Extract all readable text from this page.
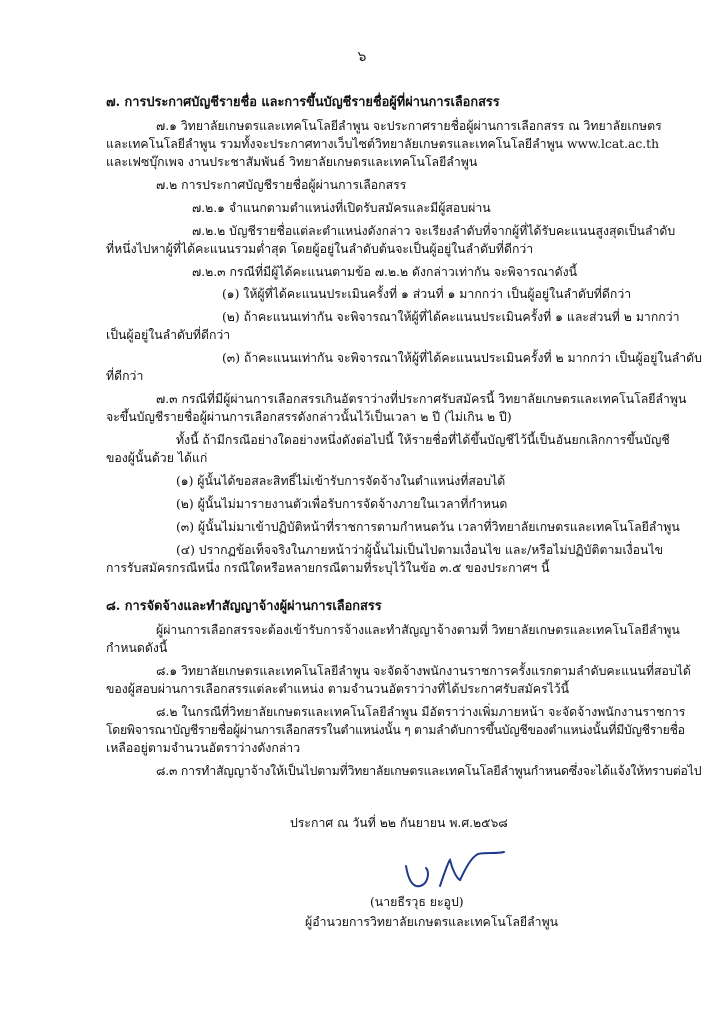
๖
๗. การประกาศบัญชีรายชื่อ และการขึ้นบัญชีรายชื่อผู้ที่ผ่านการเลือกสรร
๗.๑ วิทยาลัยเกษตรและเทคโนโลยีลำพูน จะประกาศรายชื่อผู้ผ่านการเลือกสรร ณ วิทยาลัยเกษตร
และเทคโนโลยีลำพูน รวมทั้งจะประกาศทางเว็บไซต์วิทยาลัยเกษตรและเทคโนโลยีลำพูน www.lcat.ac.th
และเฟซบุ๊กเพจ งานประชาสัมพันธ์ วิทยาลัยเกษตรและเทคโนโลยีลำพูน
๗.๒ การประกาศบัญชีรายชื่อผู้ผ่านการเลือกสรร
๗.๒.๑ จำแนกตามตำแหน่งที่เปิดรับสมัครและมีผู้สอบผ่าน
๗.๒.๒ บัญชีรายชื่อแต่ละตำแหน่งดังกล่าว จะเรียงลำดับที่จากผู้ที่ได้รับคะแนนสูงสุดเป็นลำดับ
ที่หนึ่งไปหาผู้ที่ได้คะแนนรวมต่ำสุด โดยผู้อยู่ในลำดับต้นจะเป็นผู้อยู่ในลำดับที่ดีกว่า
๗.๒.๓ กรณีที่มีผู้ได้คะแนนตามข้อ ๗.๒.๒ ดังกล่าวเท่ากัน จะพิจารณาดังนี้
(๑) ให้ผู้ที่ได้คะแนนประเมินครั้งที่ ๑ ส่วนที่ ๑ มากกว่า เป็นผู้อยู่ในลำดับที่ดีกว่า
(๒) ถ้าคะแนนเท่ากัน จะพิจารณาให้ผู้ที่ได้คะแนนประเมินครั้งที่ ๑ และส่วนที่ ๒ มากกว่า
เป็นผู้อยู่ในลำดับที่ดีกว่า
(๓) ถ้าคะแนนเท่ากัน จะพิจารณาให้ผู้ที่ได้คะแนนประเมินครั้งที่ ๒ มากกว่า เป็นผู้อยู่ในลำดับ
ที่ดีกว่า
๗.๓ กรณีที่มีผู้ผ่านการเลือกสรรเกินอัตราว่างที่ประกาศรับสมัครนี้ วิทยาลัยเกษตรและเทคโนโลยีลำพูน
จะขึ้นบัญชีรายชื่อผู้ผ่านการเลือกสรรดังกล่าวนั้นไว้เป็นเวลา ๒ ปี (ไม่เกิน ๒ ปี)
ทั้งนี้ ถ้ามีกรณีอย่างใดอย่างหนึ่งดังต่อไปนี้ ให้รายชื่อที่ได้ขึ้นบัญชีไว้นี้เป็นอันยกเลิกการขึ้นบัญชี
ของผู้นั้นด้วย ได้แก่
(๑) ผู้นั้นได้ขอสละสิทธิ์ไม่เข้ารับการจัดจ้างในตำแหน่งที่สอบได้
(๒) ผู้นั้นไม่มารายงานตัวเพื่อรับการจัดจ้างภายในเวลาที่กำหนด
(๓) ผู้นั้นไม่มาเข้าปฏิบัติหน้าที่ราชการตามกำหนดวัน เวลาที่วิทยาลัยเกษตรและเทคโนโลยีลำพูน
(๔) ปรากฏข้อเท็จจริงในภายหน้าว่าผู้นั้นไม่เป็นไปตามเงื่อนไข และ/หรือไม่ปฏิบัติตามเงื่อนไข
การรับสมัครกรณีหนึ่ง กรณีใดหรือหลายกรณีตามที่ระบุไว้ในข้อ ๓.๕ ของประกาศฯ นี้
๘. การจัดจ้างและทำสัญญาจ้างผู้ผ่านการเลือกสรร
ผู้ผ่านการเลือกสรรจะต้องเข้ารับการจ้างและทำสัญญาจ้างตามที่ วิทยาลัยเกษตรและเทคโนโลยีลำพูน
กำหนดดังนี้
๘.๑ วิทยาลัยเกษตรและเทคโนโลยีลำพูน จะจัดจ้างพนักงานราชการครั้งแรกตามลำดับคะแนนที่สอบได้
ของผู้สอบผ่านการเลือกสรรแต่ละตำแหน่ง ตามจำนวนอัตราว่างที่ได้ประกาศรับสมัครไว้นี้
๘.๒ ในกรณีที่วิทยาลัยเกษตรและเทคโนโลยีลำพูน มีอัตราว่างเพิ่มภายหน้า จะจัดจ้างพนักงานราชการ
โดยพิจารณาบัญชีรายชื่อผู้ผ่านการเลือกสรรในตำแหน่งนั้น ๆ ตามลำดับการขึ้นบัญชีของตำแหน่งนั้นที่มีบัญชีรายชื่อ
เหลืออยู่ตามจำนวนอัตราว่างดังกล่าว
๘.๓ การทำสัญญาจ้างให้เป็นไปตามที่วิทยาลัยเกษตรและเทคโนโลยีลำพูนกำหนดซึ่งจะได้แจ้งให้ทราบต่อไป
ประกาศ ณ วันที่ ๒๒ กันยายน พ.ศ.๒๕๖๘
(นายธีรวุธ ยะอูป)
ผู้อำนวยการวิทยาลัยเกษตรและเทคโนโลยีลำพูน
